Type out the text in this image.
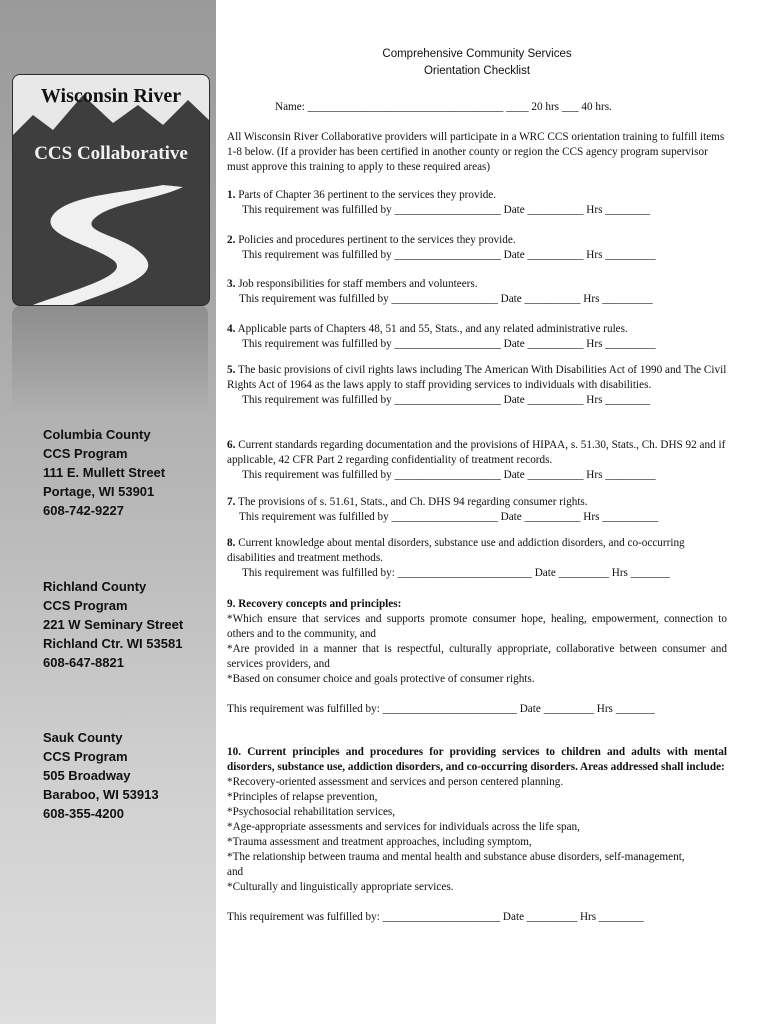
Wisconsin River
CCS Collaborative
Columbia County
CCS Program
111 E. Mullett Street
Portage, WI 53901
608-742-9227
Richland County
CCS Program
221 W Seminary Street
Richland Ctr. WI 53581
608-647-8821
Sauk County
CCS Program
505 Broadway
Baraboo, WI 53913
608-355-4200
Comprehensive Community Services
Orientation Checklist
Name: ___________________________________ ____ 20 hrs ___ 40 hrs.
All Wisconsin River Collaborative providers will participate in a WRC CCS orientation training to fulfill items 1-8 below. (If a provider has been certified in another county or region the CCS agency program supervisor must approve this training to apply to these required areas)
1. Parts of Chapter 36 pertinent to the services they provide.
This requirement was fulfilled by ___________________ Date __________ Hrs ________
2. Policies and procedures pertinent to the services they provide.
This requirement was fulfilled by ___________________ Date __________ Hrs _________
3. Job responsibilities for staff members and volunteers.
This requirement was fulfilled by ___________________ Date __________ Hrs _________
4. Applicable parts of Chapters 48, 51 and 55, Stats., and any related administrative rules.
This requirement was fulfilled by ___________________ Date __________ Hrs _________
5. The basic provisions of civil rights laws including The American With Disabilities Act of 1990 and The Civil Rights Act of 1964 as the laws apply to staff providing services to individuals with disabilities.
This requirement was fulfilled by ___________________ Date __________ Hrs ________
6. Current standards regarding documentation and the provisions of HIPAA, s. 51.30, Stats., Ch. DHS 92 and if applicable, 42 CFR Part 2 regarding confidentiality of treatment records.
This requirement was fulfilled by ___________________ Date __________ Hrs _________
7. The provisions of s. 51.61, Stats., and Ch. DHS 94 regarding consumer rights.
This requirement was fulfilled by ___________________ Date __________ Hrs __________
8. Current knowledge about mental disorders, substance use and addiction disorders, and co-occurring disabilities and treatment methods.
This requirement was fulfilled by: ________________________ Date _________ Hrs _______
9. Recovery concepts and principles:
*Which ensure that services and supports promote consumer hope, healing, empowerment, connection to others and to the community, and
*Are provided in a manner that is respectful, culturally appropriate, collaborative between consumer and services providers, and
*Based on consumer choice and goals protective of consumer rights.
This requirement was fulfilled by: ________________________ Date _________ Hrs _______
10. Current principles and procedures for providing services to children and adults with mental disorders, substance use, addiction disorders, and co-occurring disorders. Areas addressed shall include:
*Recovery-oriented assessment and services and person centered planning.
*Principles of relapse prevention,
*Psychosocial rehabilitation services,
*Age-appropriate assessments and services for individuals across the life span,
*Trauma assessment and treatment approaches, including symptom,
*The relationship between trauma and mental health and substance abuse disorders, self-management, and
*Culturally and linguistically appropriate services.
This requirement was fulfilled by: _____________________ Date _________ Hrs ________
